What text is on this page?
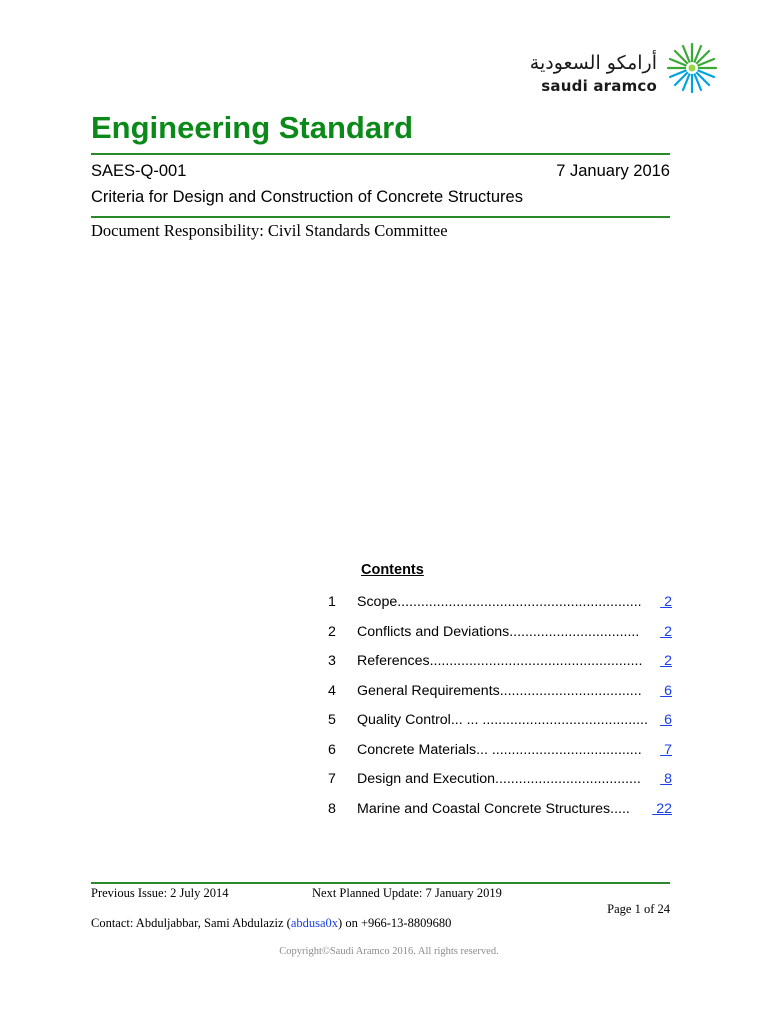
أرامكو السعودية
saudi aramco
Engineering Standard
SAES-Q-001	7 January 2016
Criteria for Design and Construction of Concrete Structures
Document Responsibility: Civil Standards Committee
Contents
1	Scope ..............................................................	2
2	Conflicts and Deviations .................................	2
3	References ......................................................	2
4	General Requirements ....................................	6
5	Quality Control ... ... .......................................... 6
6	Concrete Materials ... ......................................	7
7	Design and Execution .....................................	8
8	Marine and Coastal Concrete Structures .....	22
Previous Issue: 2 July 2014	Next Planned Update: 7 January 2019
Page 1 of 24
Contact: Abduljabbar, Sami Abdulaziz (abdusa0x) on +966-13-8809680
Copyright©Saudi Aramco 2016. All rights reserved.
